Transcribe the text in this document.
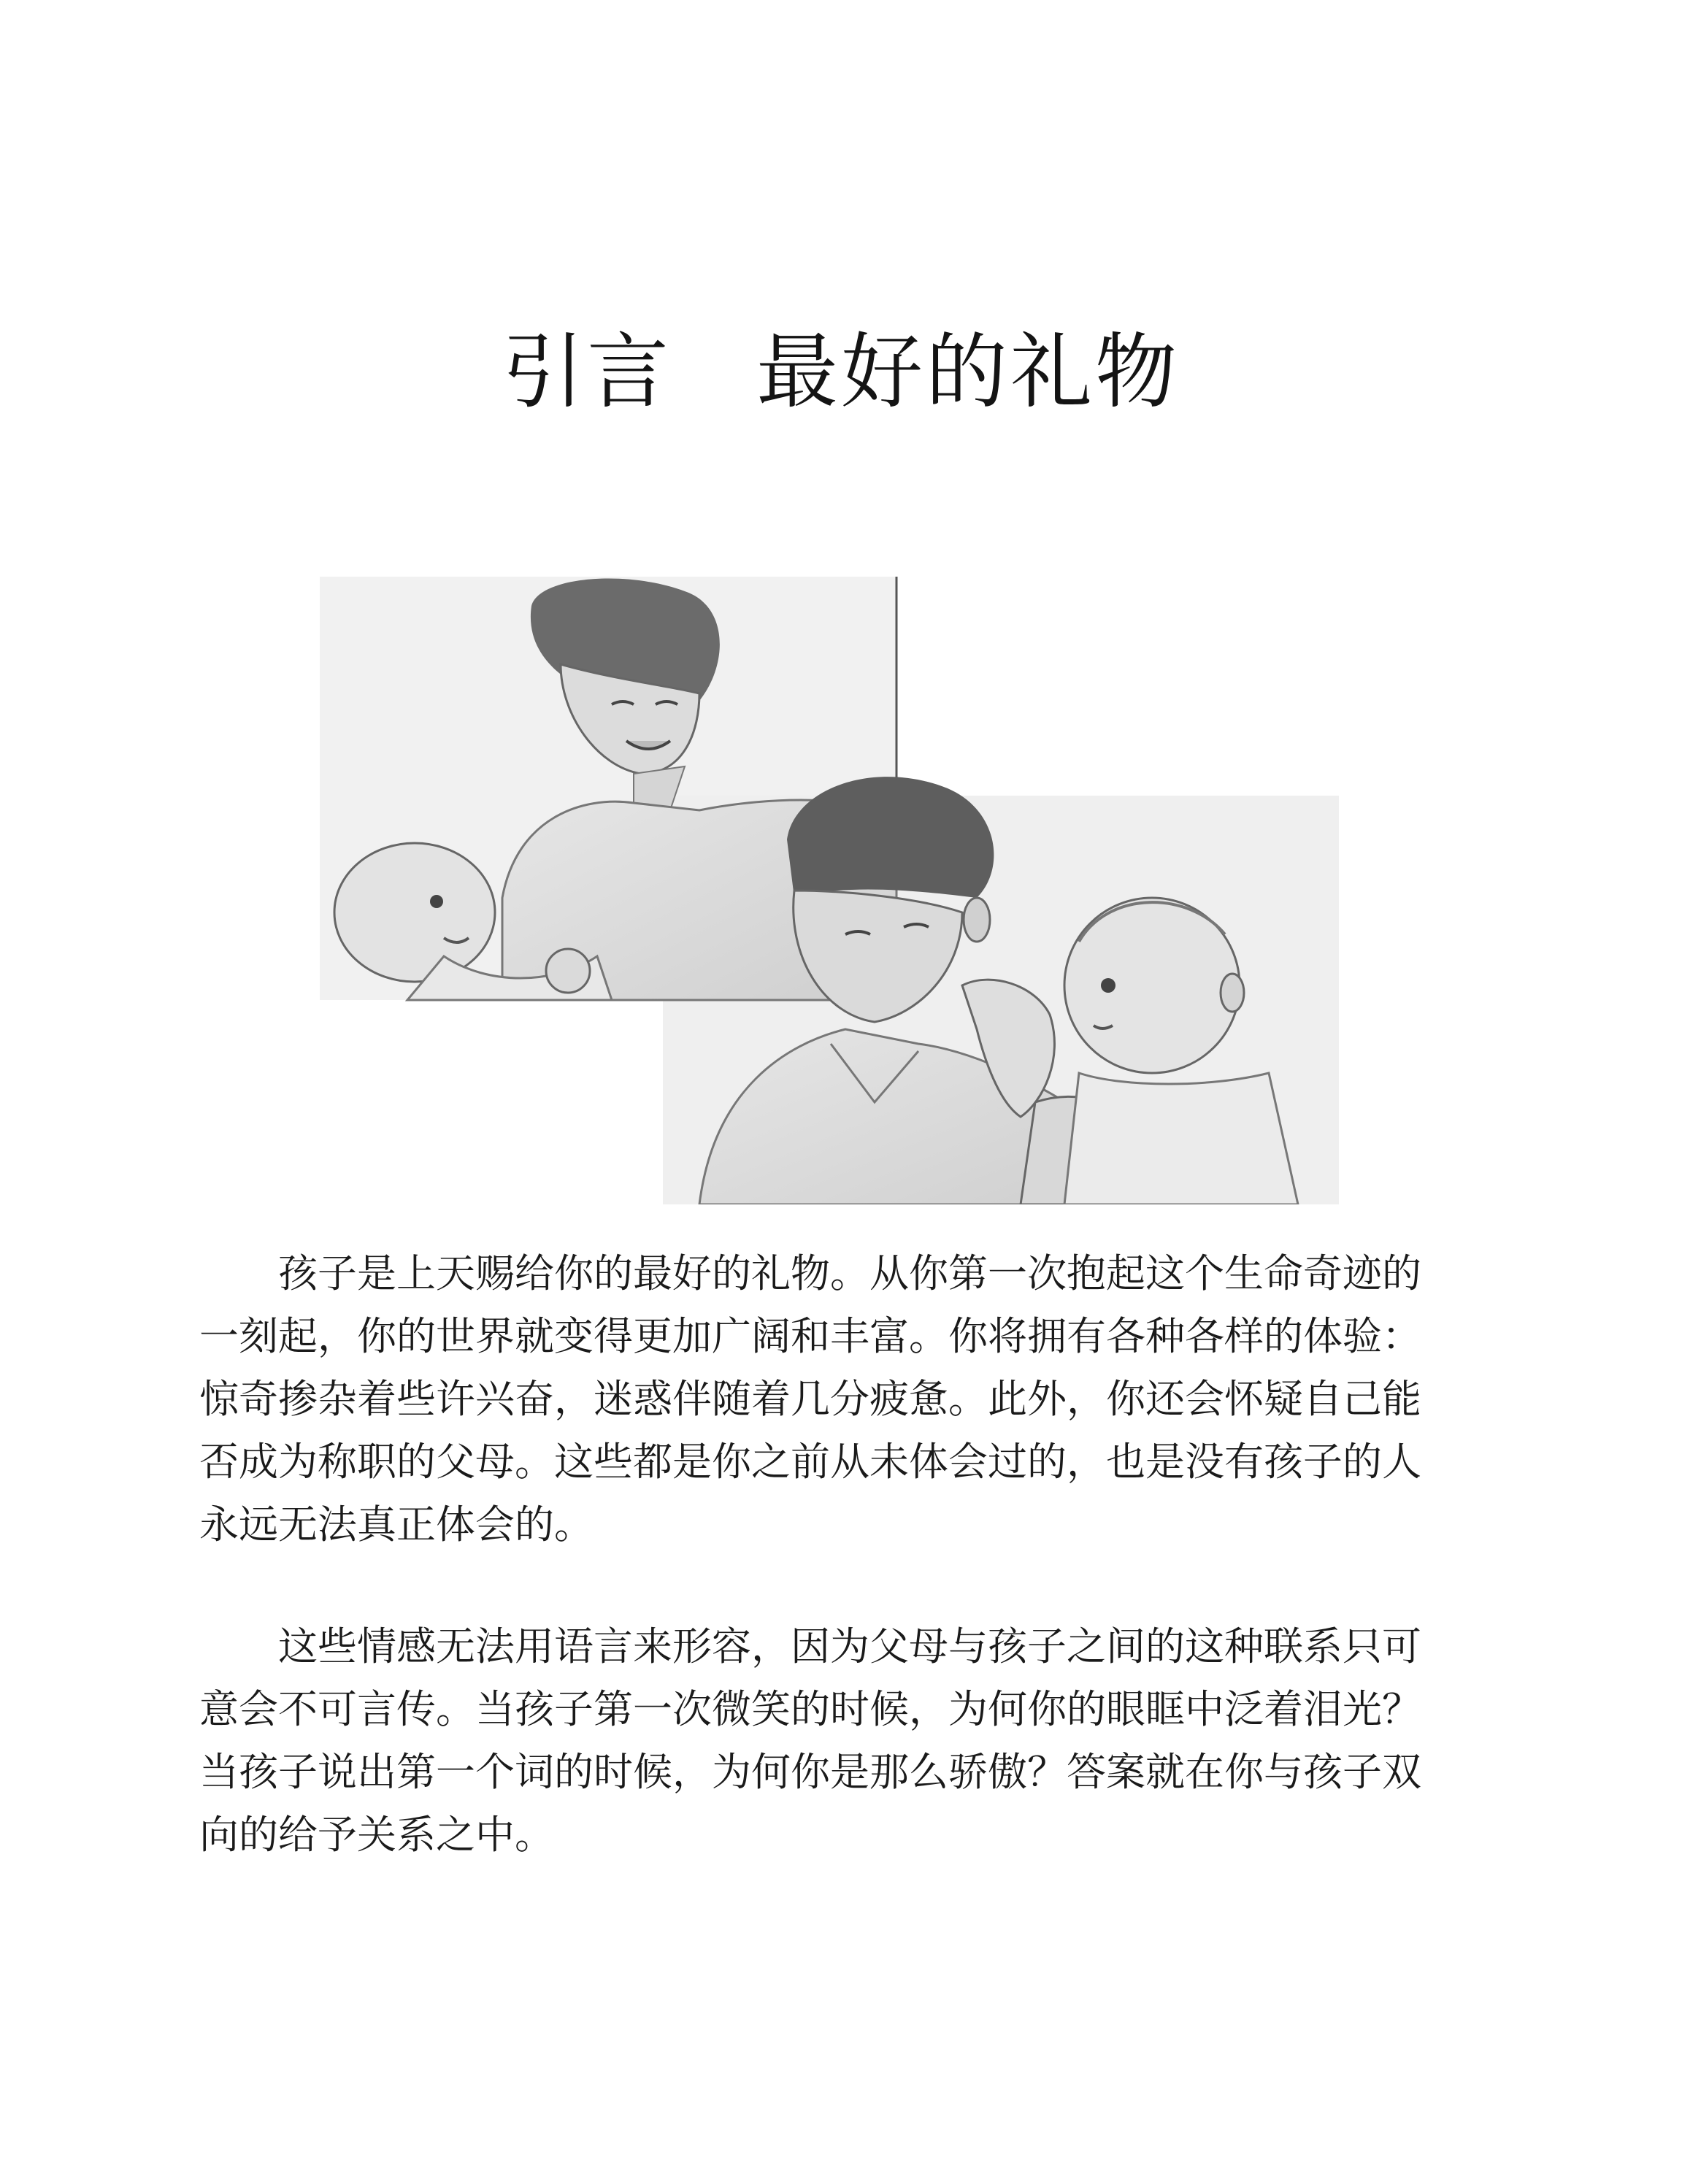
引言　最好的礼物
孩子是上天赐给你的最好的礼物。从你第一次抱起这个生命奇迹的
一刻起，你的世界就变得更加广阔和丰富。你将拥有各种各样的体验：
惊奇掺杂着些许兴奋，迷惑伴随着几分疲惫。此外，你还会怀疑自己能
否成为称职的父母。这些都是你之前从未体会过的，也是没有孩子的人
永远无法真正体会的。
这些情感无法用语言来形容，因为父母与孩子之间的这种联系只可
意会不可言传。当孩子第一次微笑的时候，为何你的眼眶中泛着泪光？
当孩子说出第一个词的时候，为何你是那么骄傲？答案就在你与孩子双
向的给予关系之中。
